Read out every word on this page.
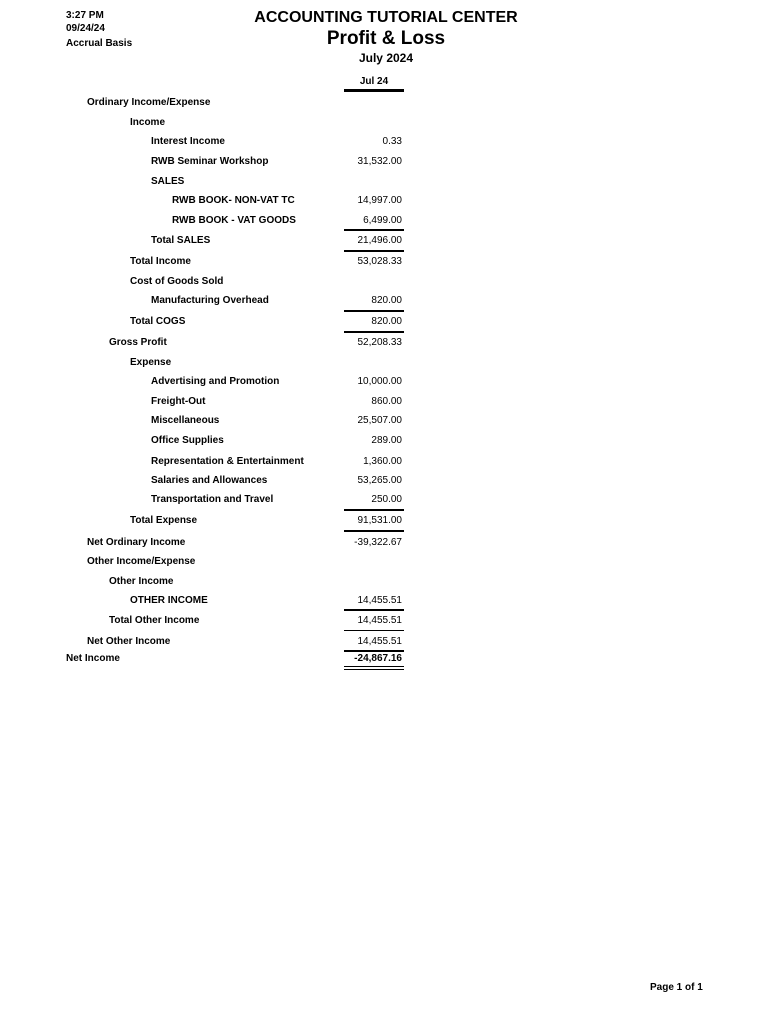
3:27 PM
09/24/24
Accrual Basis
ACCOUNTING TUTORIAL CENTER
Profit & Loss
July 2024
Jul 24
Ordinary Income/Expense
Income
Interest Income	0.33
RWB Seminar Workshop	31,532.00
SALES
RWB BOOK- NON-VAT TC	14,997.00
RWB BOOK - VAT GOODS	6,499.00
Total SALES	21,496.00
Total Income	53,028.33
Cost of Goods Sold
Manufacturing Overhead	820.00
Total COGS	820.00
Gross Profit	52,208.33
Expense
Advertising and Promotion	10,000.00
Freight-Out	860.00
Miscellaneous	25,507.00
Office Supplies	289.00
Representation & Entertainment	1,360.00
Salaries and Allowances	53,265.00
Transportation and Travel	250.00
Total Expense	91,531.00
Net Ordinary Income	-39,322.67
Other Income/Expense
Other Income
OTHER INCOME	14,455.51
Total Other Income	14,455.51
Net Other Income	14,455.51
Net Income	-24,867.16
Page 1 of 1
